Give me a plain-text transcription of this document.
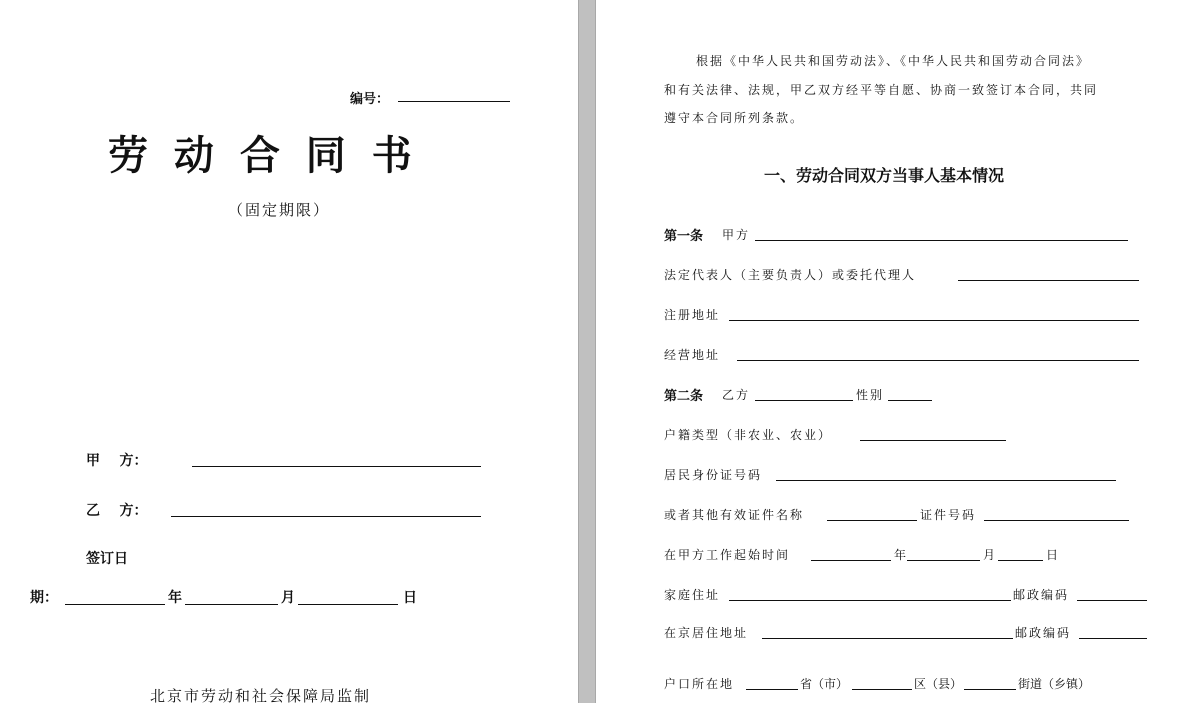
编号：
劳 动 合 同 书
（固定期限）
甲    方：
乙    方：
签订日
期：	年	月	日
北京市劳动和社会保障局监制
根据《中华人民共和国劳动法》、《中华人民共和国劳动合同法》
和有关法律、法规，甲乙双方经平等自愿、协商一致签订本合同，共同
遵守本合同所列条款。
一、劳动合同双方当事人基本情况
第一条 甲方
法定代表人（主要负责人）或委托代理人
注册地址
经营地址
第二条 乙方	性别
户籍类型（非农业、农业）
居民身份证号码
或者其他有效证件名称	证件号码
在甲方工作起始时间	年	月	日
家庭住址	邮政编码
在京居住地址	邮政编码
户口所在地	省（市）	区（县）	街道（乡镇）
